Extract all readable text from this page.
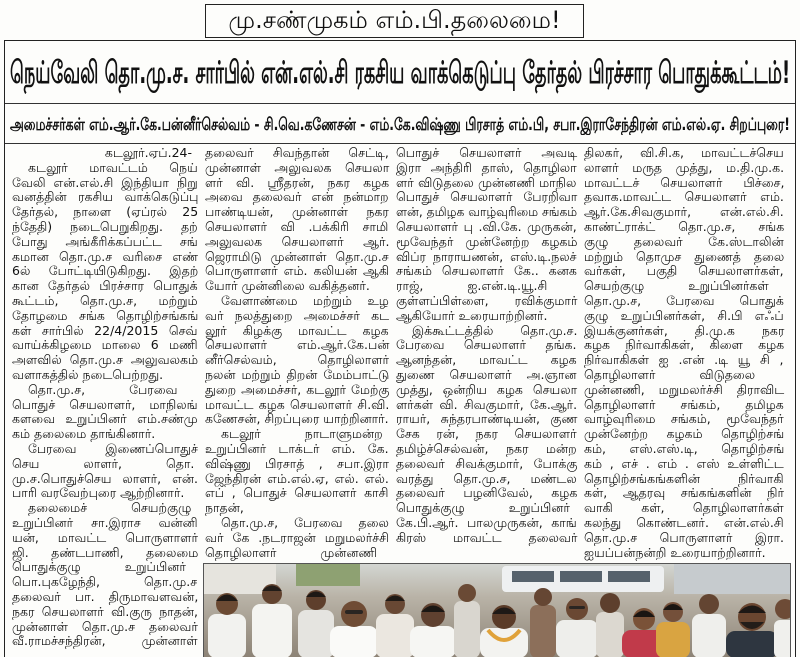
மு.சண்முகம் எம்.பி.தலைமை!
நெய்வேலி தொ.மு.ச. சார்பில் என்.எல்.சி ரகசிய வாக்கெடுப்பு தேர்தல் பிரச்சார பொதுக்கூட்டம்!
அமைச்சர்கள் எம்.ஆர்.கே.பன்னீர்செல்வம் - சி.வெ.கணேசன் - எம்.கே.விஷ்ணு பிரசாத் எம்.பி, சபா.இராசேந்திரன் எம்.எல்.ஏ. சிறப்புரை!
கடலூர்.ஏப்.24-
கடலூர் மாவட்டம் நெய்
வேலி என்.எல்.சி இந்தியா நிறு
வனத்தின் ரகசிய வாக்கெடுப்பு
தேர்தல், நாளை (ஏப்ரல் 25
ந்தேதி) நடைபெறுகிறது. தற்
போது அங்கீரிக்கப்பட்ட சங்
கமான தொ.மு.ச வரிசை எண்
6ல் போட்டியிடுகிறது. இதற்
கான தேர்தல் பிரச்சார பொதுக்
கூட்டம், தொ.மு.ச, மற்றும்
தோழமை சங்க தொழிற்சங்கங்
கள் சார்பில் 22/4/2015 செவ்
வாய்க்கிழமை மாலை 6 மணி
அளவில் தொ.மு.ச அலுவலகம்
வளாகத்தில் நடைபெற்றது.
தொ.மு.ச, பேரவை
பொதுச் செயலாளர், மாநிலங்
களவை உறுப்பினர் எம்.சண்மு
கம் தலைமை தாங்கினார்.
பேரவை இணைப்பொதுச்
செய லாளர், தொ.
மு.ச.பொதுச்செய லாளர், என்.
பாரி வரவேற்புரை ஆற்றினார்.
தலைமைச் செயற்குழு
உறுப்பினர் சா.இராச வன்னி
யன், மாவட்ட பொருளாளர்
ஜி. தண்டபாணி, தலைமை
பொதுக்குழு உறுப்பினர்
பொ.புகழேந்தி, தொ.மு.ச
தலைவர் பா. திருமாவளவன்,
நகர செயலாளர் வி.குரு நாதன்,
முன்னாள் தொ.மு.ச தலைவர்
வீ.ராமச்சந்திரன், முன்னாள்
தலைவர் சிவந்தான் செட்டி,
முன்னாள் அலுவலக செயலா
ளர் வி. ஸ்ரீதரன், நகர கழக
அவை தலைவர் என் நன்மாற
பாண்டியன், முன்னாள் நகர
செயலாளர் வி .பக்கிரி சாமி
அலுவலக செயலாளர் ஆர்.
ஜெராமிடு முன்னாள் தொ.மு.ச
பொருளாளர் எம். கலியன் ஆகி
யோர் முன்னிலை வகித்தனர்.
வேளாண்மை மற்றும் உழ
வர் நலத்துறை அமைச்சர் கட
லூர் கிழக்கு மாவட்ட கழக
செயலாளர் எம்.ஆர்.கே.பன்
னீர்செல்வம், தொழிலாளர்
நலன் மற்றும் திறன் மேம்பாட்டு
துறை அமைச்சர், கடலூர் மேற்கு
மாவட்ட கழக செயலாளர் சி.வி.
கணேசன், சிறப்புரை யாற்றினார்.
கடலூர் நாடாளுமன்ற
உறுப்பினர் டாக்டர் எம். கே.
விஷ்ணு பிரசாத் , சபா.இரா
ஜேந்திரன் எம்.எல்.ஏ, எல். எல்.
எப் , பொதுச் செயலாளர் காசி
நாதன்,
தொ.மு.ச, பேரவை தலை
வர் கே .நடராஜன் மறுமலர்ச்சி
தொழிலாளர் முன்னணி
பொதுச் செயலாளர் அவடி
இரா அந்திரி தாஸ், தொழிலா
ளர் விடுதலை முன்னணி மாநில
பொதுச் செயலாளர் பேரறிவா
ளன், தமிழக வாழ்வுரிமை சங்கம்
செயலாளர் பு .வி.கே. முருகன்,
மூவேந்தர் முன்னேற்ற கழகம்
விப்ர நாராயணன், எஸ்.டி.நலச்
சங்கம் செயலாளர் கே.. கனக
ராஜ், ஐ.என்.டி.யூ.சி
குள்ளப்பிள்ளை, ரவிக்குமார்
ஆகியோர் உரையாற்றினர்.
இக்கூட்டத்தில் தொ.மு.ச.
பேரவை செயலாளர் தங்க.
ஆனந்தன், மாவட்ட கழக
துணை செயலாளர் அ.ஞான
முத்து, ஒன்றிய கழக செயலா
ளர்கள் வி. சிவகுமார், கே.ஆர்.
ராயர், சுந்தரபாண்டியன், குண
சேக ரன், நகர செயலாளர்
தமிழ்ச்செல்வன், நகர மன்ற
தலைவர் சிவக்குமார், போக்கு
வரத்து தொ.மு.ச, மண்டல
தலைவர் பழனிவேல், கழக
பொதுக்குழு உறுப்பினர்
கே.பி.ஆர். பாலமுருகன், காங்
கிரஸ் மாவட்ட தலைவர்
திலகர், வி.சி.க, மாவட்டச்செய
லாளர் மருத முத்து, ம.தி.மு.க.
மாவட்டச் செயலாளர் பிச்சை,
தவாக.மாவட்ட செயலாளர் எம்.
ஆர்.கே.சிவகுமார், என்.எல்.சி.
காண்ட்ராக்ட் தொ.மு.ச, சங்க
குழு தலைவர் கே.ஸ்டாலின்
மற்றும் தொமுச துணைத் தலை
வர்கள், பகுதி செயலாளர்கள்,
செயற்குழு உறுப்பினர்கள்
தொ.மு.ச, பேரவை பொதுக்
குழு உறுப்பினர்கள், சி.பி எஃப்
இயக்குனர்கள், தி.மு.க நகர
கழக நிர்வாகிகள், கிளை கழக
நிர்வாகிகள் ஐ .என் .டி யூ சி ,
தொழிலாளர் விடுதலை
முன்னணி, மறுமலர்ச்சி திராவிட
தொழிலாளர் சங்கம், தமிழக
வாழ்வுரிமை சங்கம், மூவேந்தர்
முன்னேற்ற கழகம் தொழிற்சங்
கம், எஸ்.எஸ்.டி, தொழிற்சங்
கம் , எச் . எம் . எஸ் உள்ளிட்ட
தொழிற்சங்கங்களின் நிர்வாகி
கள், ஆதரவு சங்கங்களின் நிர்
வாகி கள், தொழிலாளர்கள்
கலந்து கொண்டனர். என்.எல்.சி
தொ.மு.ச பொருளாளர் இரா.
ஐயப்பன்நன்றி உரையாற்றினார்.
